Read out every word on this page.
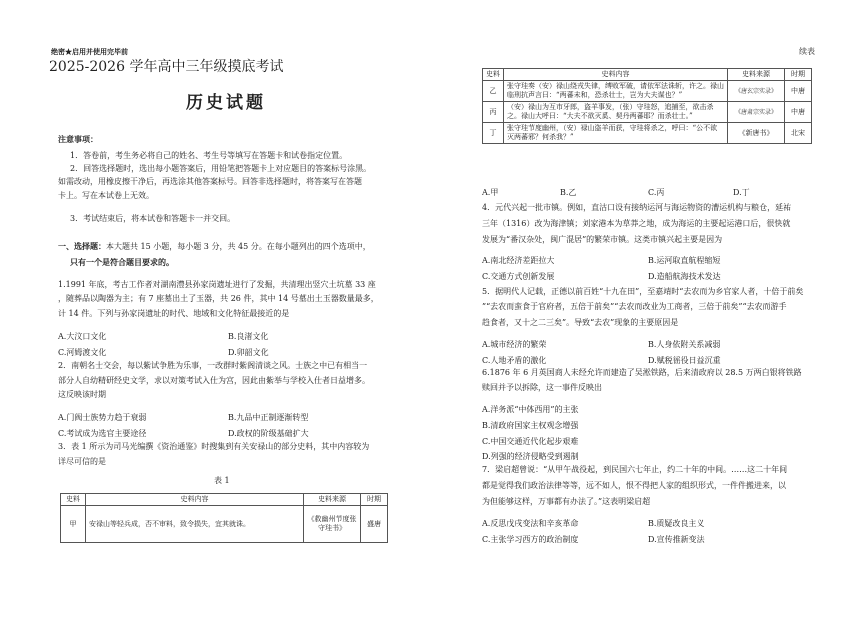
绝密★启用并使用完毕前
2025-2026 学年高中三年级摸底考试
历史试题
续表
注意事项：
1．答卷前，考生务必将自己的姓名、考生号等填写在答题卡和试卷指定位置。
2．回答选择题时，选出每小题答案后，用铅笔把答题卡上对应题目的答案标号涂黑。
如需改动，用橡皮擦干净后，再选涂其他答案标号。回答非选择题时，将答案写在答题
卡上。写在本试卷上无效。
3．考试结束后，将本试卷和答题卡一并交回。
一、选择题：本大题共 15 小题，每小题 3 分，共 45 分。在每小题列出的四个选项中，
只有一个是符合题目要求的。
1.1991 年底，考古工作者对湖南澧县孙家岗遗址进行了发掘，共清理出竖穴土坑墓 33 座
，随葬品以陶器为主；有 7 座墓出土了玉器，共 26 件，其中 14 号墓出土玉器数量最多，
计 14 件。下列与孙家岗遗址的时代、地域和文化特征最接近的是
A.大汶口文化	B.良渚文化
C.河姆渡文化	D.卯韶文化
2．南朝名士交会，每以紫试争胜为乐事，一改群时紫阁清谈之风。士族之中已有相当一
部分人自幼精研经史文学，求以对策考试入仕为宫，因此由紫举与学校入仕者日益增多。
这反映该时期
A.门阀士族势力趋于衰弱	B.九品中正制逐渐转型
C.考试成为选官主要途径	D.政权的阶级基础扩大
3．表 1 所示为司马光编撰《资治通鉴》时搜集到有关安禄山的部分史料，其中内容较为
详尽可信的是
表 1
史料	史料内容	史料来源	时期
甲	安禄山等轻兵成，否不审料，致令损失，宜其就诛。	《救幽州节度张守珪书》	盛唐
史料	史料内容	史料来源	时期
乙	张守珪奏（安）禄山绕戎失律，缚败军破，请依军法诛斩，许之。禄山临刑抗声言曰：“两蕃未和，恐杀壮士，岂为大夫谋也？”	《唐玄宗实录》	中唐
丙	（安）禄山为互市牙郎，盗羊事发，（张）守珪怒，追捕至，欲击杀之。禄山大呼曰：“大夫不欲灭奚、契丹两蕃耶？而杀壮士。”	《唐肃宗实录》	中唐
丁	张守珪节度幽州，（安）禄山盗羊而获，守珪将杀之，呼曰：“公不欲灭两蕃邪？何杀我？”	《新唐书》	北宋
A.甲	B.乙	C.丙	D.丁
4．元代兴起一批市镇。例如，直沽口设有接纳运河与海运物资的漕运机构与粮仓，延祐
三年（1316）改为海津镇；刘家港本为草莽之地，成为海运的主要起运港口后，很快就
发展为“番汉杂处，闽广混居”的繁荣市镇。这类市镇兴起主要是因为
A.南北经济差距拉大	B.运河取直航程缩短
C.交通方式创新发展	D.造船航海技术发达
5．据明代人记载，正德以前百姓“十九在田”，至嘉靖时“去农而为乡官家人者，十倍于前矣
”“去农而蛮食于官府者，五倍于前矣”“去农而改业为工商者，三倍于前矣”“去农而游手
趋食者，又十之二三矣”。导致“去农”现象的主要原因是
A.城市经济的繁荣	B.人身依附关系减弱
C.人地矛盾的激化	D.赋税徭役日益沉重
6.1876 年 6 月英国商人未经允许而建造了吴淞铁路，后来清政府以 28.5 万两白银将铁路
赎回并予以拆除，这一事件反映出
A.洋务派“中体西用”的主张
B.清政府国家主权观念增强
C.中国交通近代化起步艰难
D.列强的经济侵略受到遏制
7．梁启超曾说：“从甲午战役起，到民国六七年止，约二十年的中间。……这二十年间
都是觉得我们政治法律等等，远不如人，恨不得把人家的组织形式，一件件搬进来，以
为但能够这样，万事都有办法了。”这表明梁启超
A.反思戊戌变法和辛亥革命	B.质疑改良主义
C.主张学习西方的政治制度	D.宣传推新变法
